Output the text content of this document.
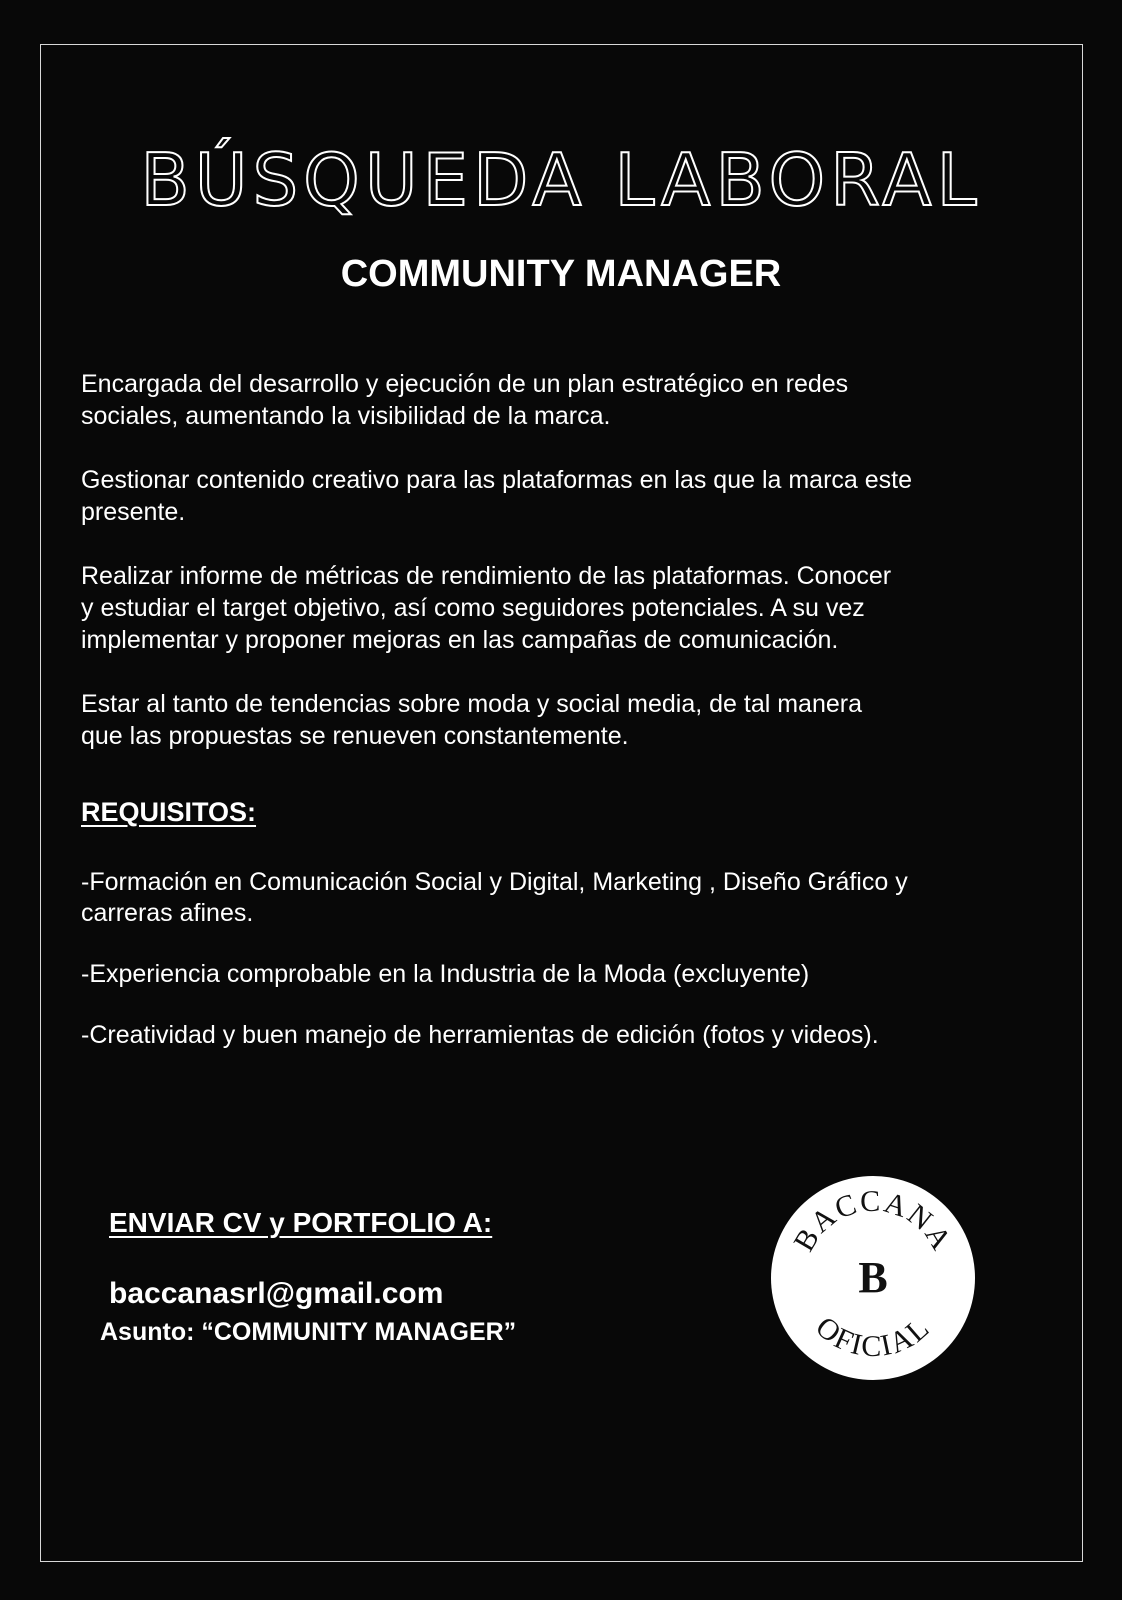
BÚSQUEDA LABORAL
COMMUNITY MANAGER

Encargada del desarrollo y ejecución de un plan estratégico en redes
sociales, aumentando la visibilidad de la marca.

Gestionar contenido creativo para las plataformas en las que la marca este
presente.

Realizar informe de métricas de rendimiento de las plataformas. Conocer
y estudiar el target objetivo, así como seguidores potenciales. A su vez
implementar y proponer mejoras en las campañas de comunicación.

Estar al tanto de tendencias sobre moda y social media, de tal manera
que las propuestas se renueven constantemente.

REQUISITOS:
-Formación en Comunicación Social y Digital, Marketing , Diseño Gráfico y
carreras afines.
-Experiencia comprobable en la Industria de la Moda (excluyente)
-Creatividad y buen manejo de herramientas de edición (fotos y videos).
ENVIAR CV y PORTFOLIO A:
baccanasrl@gmail.com
Asunto: “COMMUNITY MANAGER”
BACCANA
B
OFICIAL
